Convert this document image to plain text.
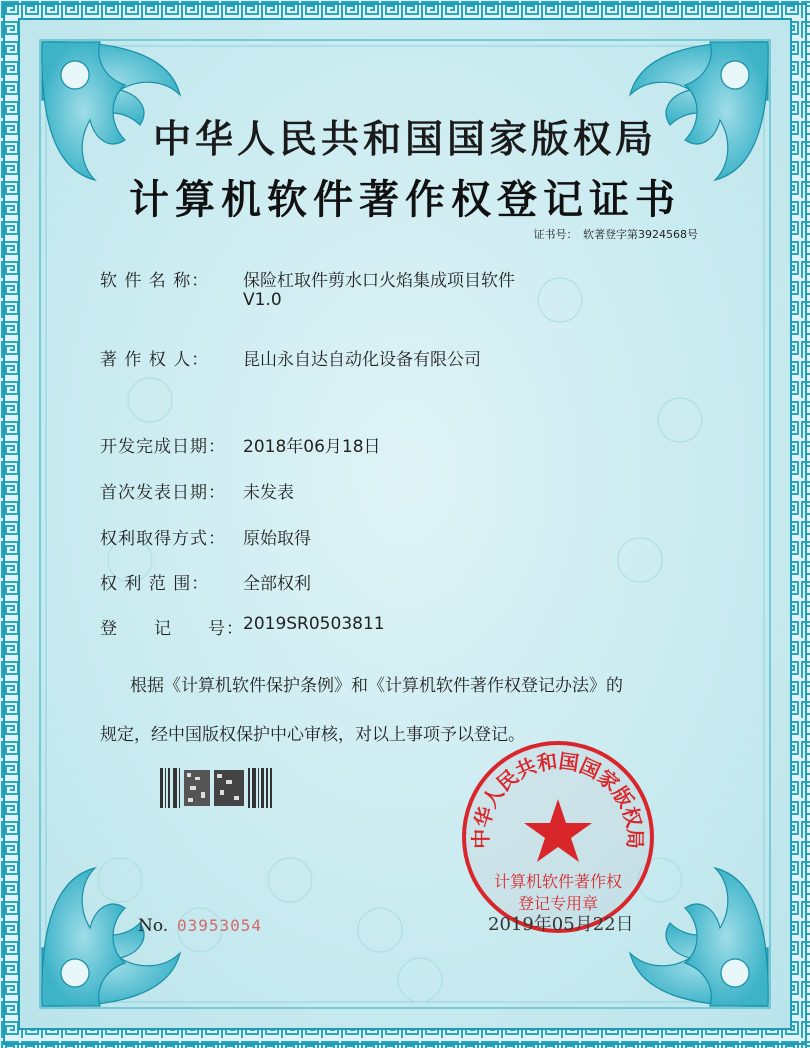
中华人民共和国国家版权局
计算机软件著作权登记证书
证书号：　软著登字第3924568号
软 件 名 称： 保险杠取件剪水口火焰集成项目软件
V1.0
著 作 权 人： 昆山永自达自动化设备有限公司
开发完成日期： 2018年06月18日
首次发表日期： 未发表
权利取得方式： 原始取得
权 利 范 围： 全部权利
登　　记　　号： 2019SR0503811
根据《计算机软件保护条例》和《计算机软件著作权登记办法》的
规定，经中国版权保护中心审核，对以上事项予以登记。
中华人民共和国国家版权局
计算机软件著作权
登记专用章
2019年05月22日
No. 03953054
